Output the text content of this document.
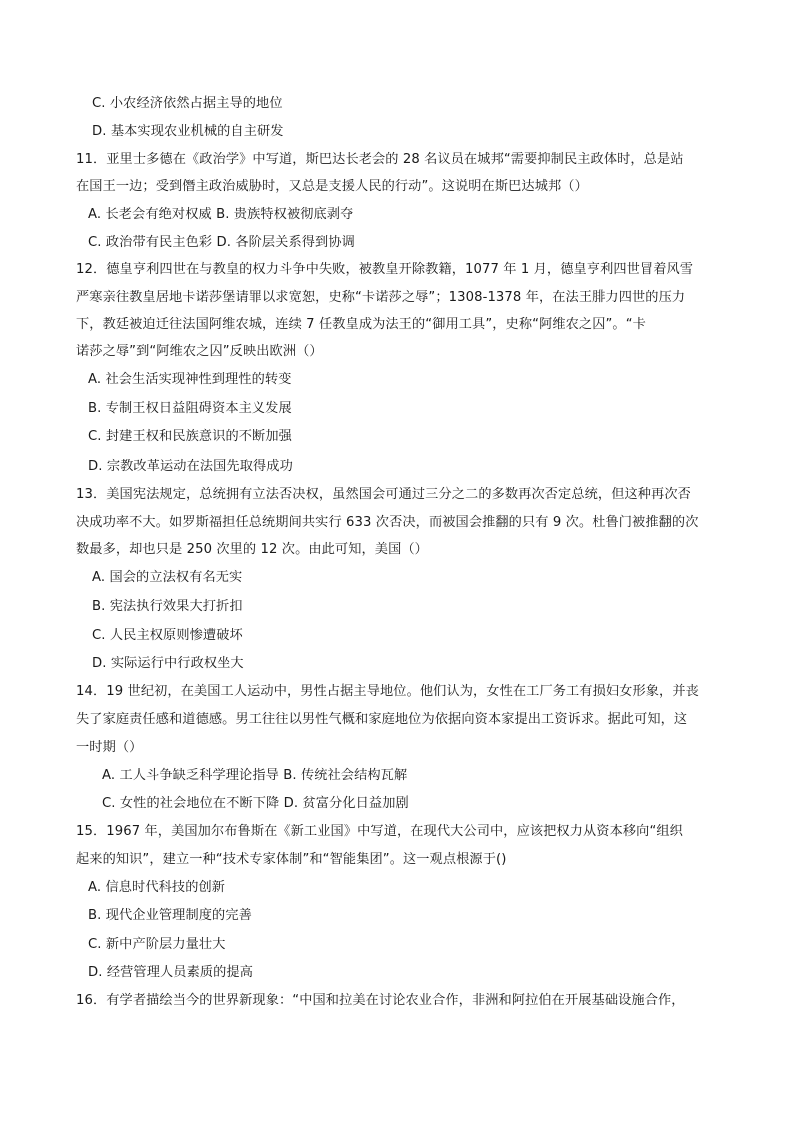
C. 小农经济依然占据主导的地位
D. 基本实现农业机械的自主研发
11．亚里士多德在《政治学》中写道，斯巴达长老会的 28 名议员在城邦“需要抑制民主政体时，总是站
在国王一边；受到僭主政治威胁时，又总是支援人民的行动”。这说明在斯巴达城邦（）
A. 长老会有绝对权威 B. 贵族特权被彻底剥夺
C. 政治带有民主色彩 D. 各阶层关系得到协调
12．德皇亨利四世在与教皇的权力斗争中失败，被教皇开除教籍，1077 年 1 月，德皇亨利四世冒着风雪
严寒亲往教皇居地卡诺莎堡请罪以求宽恕，史称“卡诺莎之辱”；1308-1378 年，在法王腓力四世的压力
下，教廷被迫迁往法国阿维农城，连续 7 任教皇成为法王的“御用工具”，史称“阿维农之囚”。“卡
诺莎之辱”到“阿维农之囚”反映出欧洲（）
A. 社会生活实现神性到理性的转变
B. 专制王权日益阻碍资本主义发展
C. 封建王权和民族意识的不断加强
D. 宗教改革运动在法国先取得成功
13．美国宪法规定，总统拥有立法否决权，虽然国会可通过三分之二的多数再次否定总统，但这种再次否
决成功率不大。如罗斯福担任总统期间共实行 633 次否决，而被国会推翻的只有 9 次。杜鲁门被推翻的次
数最多，却也只是 250 次里的 12 次。由此可知，美国（）
A. 国会的立法权有名无实
B. 宪法执行效果大打折扣
C. 人民主权原则惨遭破坏
D. 实际运行中行政权坐大
14．19 世纪初，在美国工人运动中，男性占据主导地位。他们认为，女性在工厂务工有损妇女形象，并丧
失了家庭责任感和道德感。男工往往以男性气概和家庭地位为依据向资本家提出工资诉求。据此可知，这
一时期（）
A. 工人斗争缺乏科学理论指导 B. 传统社会结构瓦解
C. 女性的社会地位在不断下降 D. 贫富分化日益加剧
15．1967 年，美国加尔布鲁斯在《新工业国》中写道，在现代大公司中，应该把权力从资本移向“组织
起来的知识”，建立一种“技术专家体制”和“智能集团”。这一观点根源于()
A. 信息时代科技的创新
B. 现代企业管理制度的完善
C. 新中产阶层力量壮大
D. 经营管理人员素质的提高
16．有学者描绘当今的世界新现象：“中国和拉美在讨论农业合作，非洲和阿拉伯在开展基础设施合作，
